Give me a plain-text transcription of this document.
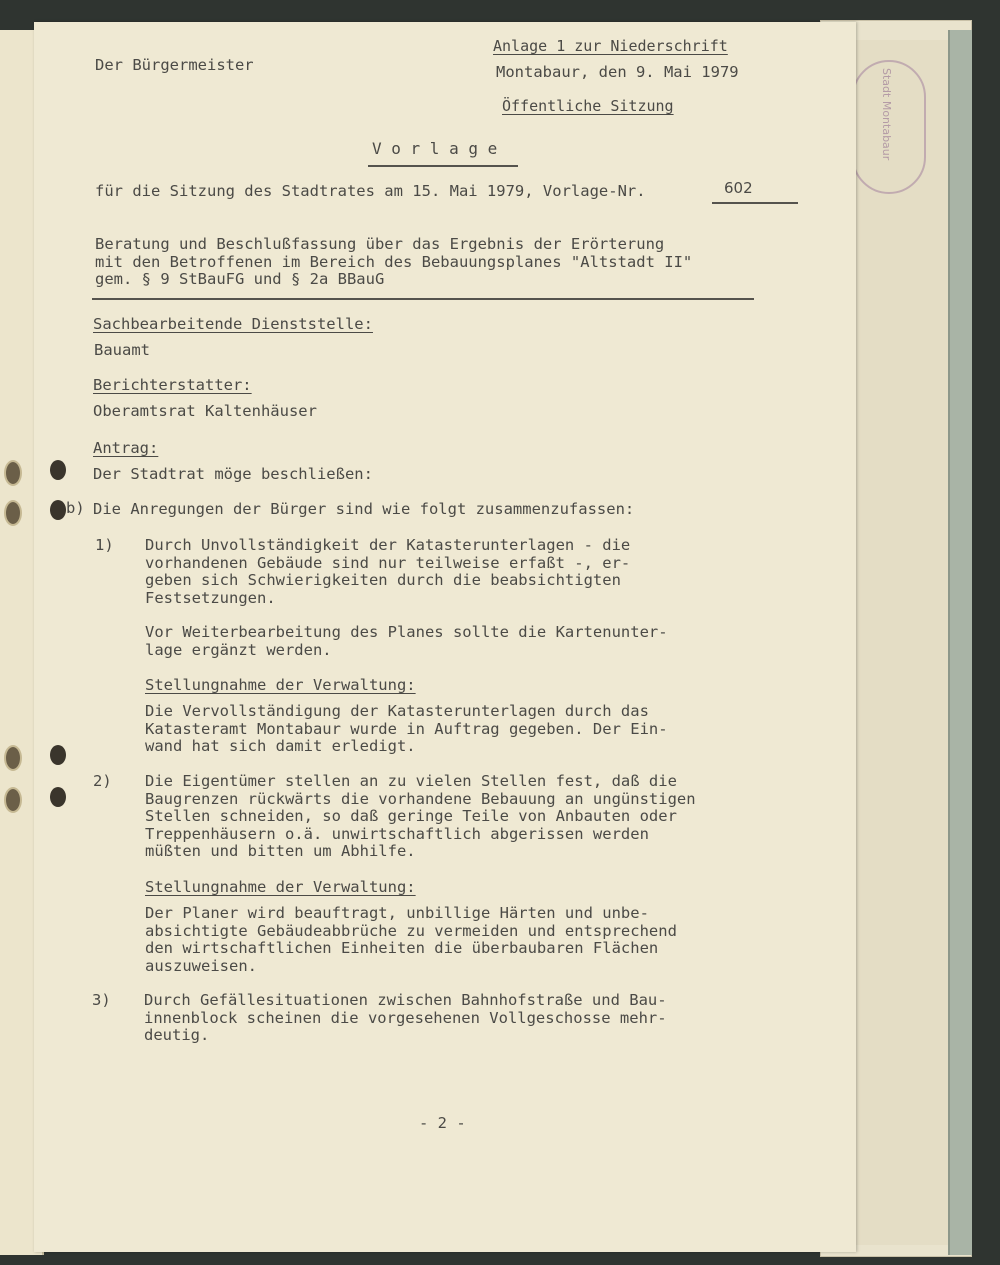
Stadt Montabaur
Der Bürgermeister
Anlage 1 zur Niederschrift
Montabaur, den 9. Mai 1979
Öffentliche Sitzung
V o r l a g e
für die Sitzung des Stadtrates am 15. Mai 1979, Vorlage-Nr.	602
Beratung und Beschlußfassung über das Ergebnis der Erörterung
mit den Betroffenen im Bereich des Bebauungsplanes "Altstadt II"
gem. § 9 StBauFG und § 2a BBauG
Sachbearbeitende Dienststelle:
Bauamt
Berichterstatter:
Oberamtsrat Kaltenhäuser
Antrag:
Der Stadtrat möge beschließen:
b) Die Anregungen der Bürger sind wie folgt zusammenzufassen:
1) Durch Unvollständigkeit der Katasterunterlagen - die
vorhandenen Gebäude sind nur teilweise erfaßt -, er-
geben sich Schwierigkeiten durch die beabsichtigten
Festsetzungen.
Vor Weiterbearbeitung des Planes sollte die Kartenunter-
lage ergänzt werden.
Stellungnahme der Verwaltung:
Die Vervollständigung der Katasterunterlagen durch das
Katasteramt Montabaur wurde in Auftrag gegeben. Der Ein-
wand hat sich damit erledigt.
2) Die Eigentümer stellen an zu vielen Stellen fest, daß die
Baugrenzen rückwärts die vorhandene Bebauung an ungünstigen
Stellen schneiden, so daß geringe Teile von Anbauten oder
Treppenhäusern o.ä. unwirtschaftlich abgerissen werden
müßten und bitten um Abhilfe.
Stellungnahme der Verwaltung:
Der Planer wird beauftragt, unbillige Härten und unbe-
absichtigte Gebäudeabbrüche zu vermeiden und entsprechend
den wirtschaftlichen Einheiten die überbaubaren Flächen
auszuweisen.
3) Durch Gefällesituationen zwischen Bahnhofstraße und Bau-
innenblock scheinen die vorgesehenen Vollgeschosse mehr-
deutig.
- 2 -
